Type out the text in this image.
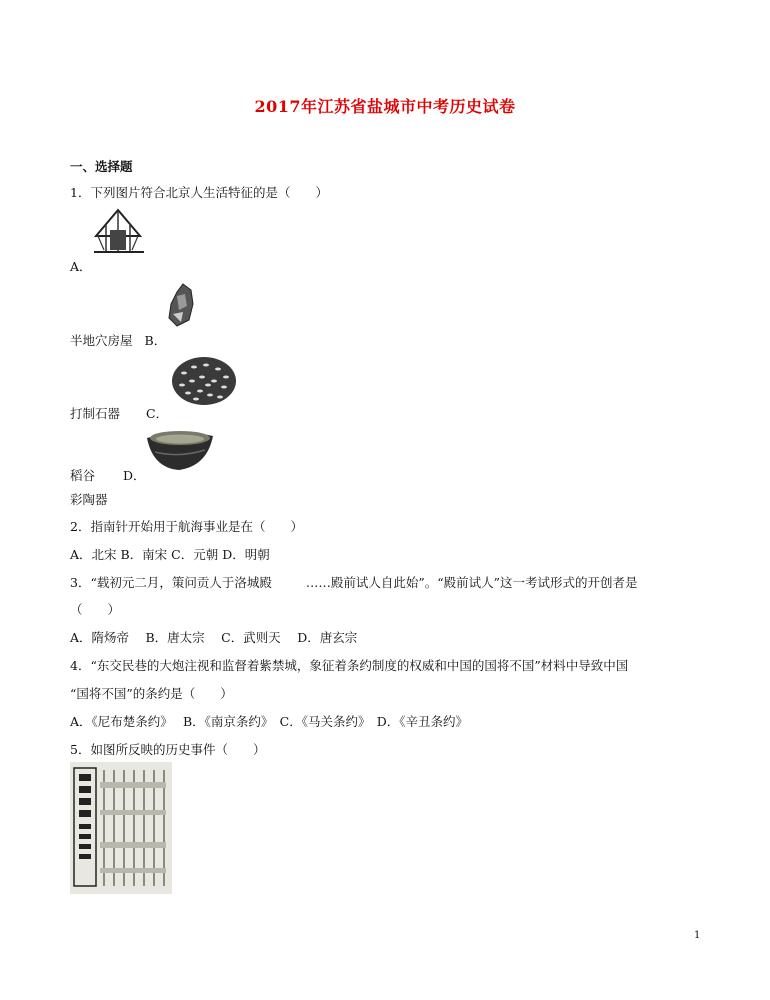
2017年江苏省盐城市中考历史试卷
一、选择题
1．下列图片符合北京人生活特征的是（　　）
A．
半地穴房屋 B．
打制石器 C．
稻谷 D．
彩陶器
2．指南针开始用于航海事业是在（　　）
A．北宋 B．南宋 C．元朝 D．明朝
3．“载初元二月，策问贡人于洛城殿	……殿前试人自此始”。“殿前试人”这一考试形式的开创者是
（　　）
A．隋炀帝　 B．唐太宗　 C．武则天　 D．唐玄宗
4．“东交民巷的大炮注视和监督着紫禁城，象征着条约制度的权威和中国的国将不国”材料中导致中国
“国将不国”的条约是（　　）
A．《尼布楚条约》　 B．《南京条约》　C．《马关条约》　D．《辛丑条约》
5．如图所反映的历史事件（　　）
1
